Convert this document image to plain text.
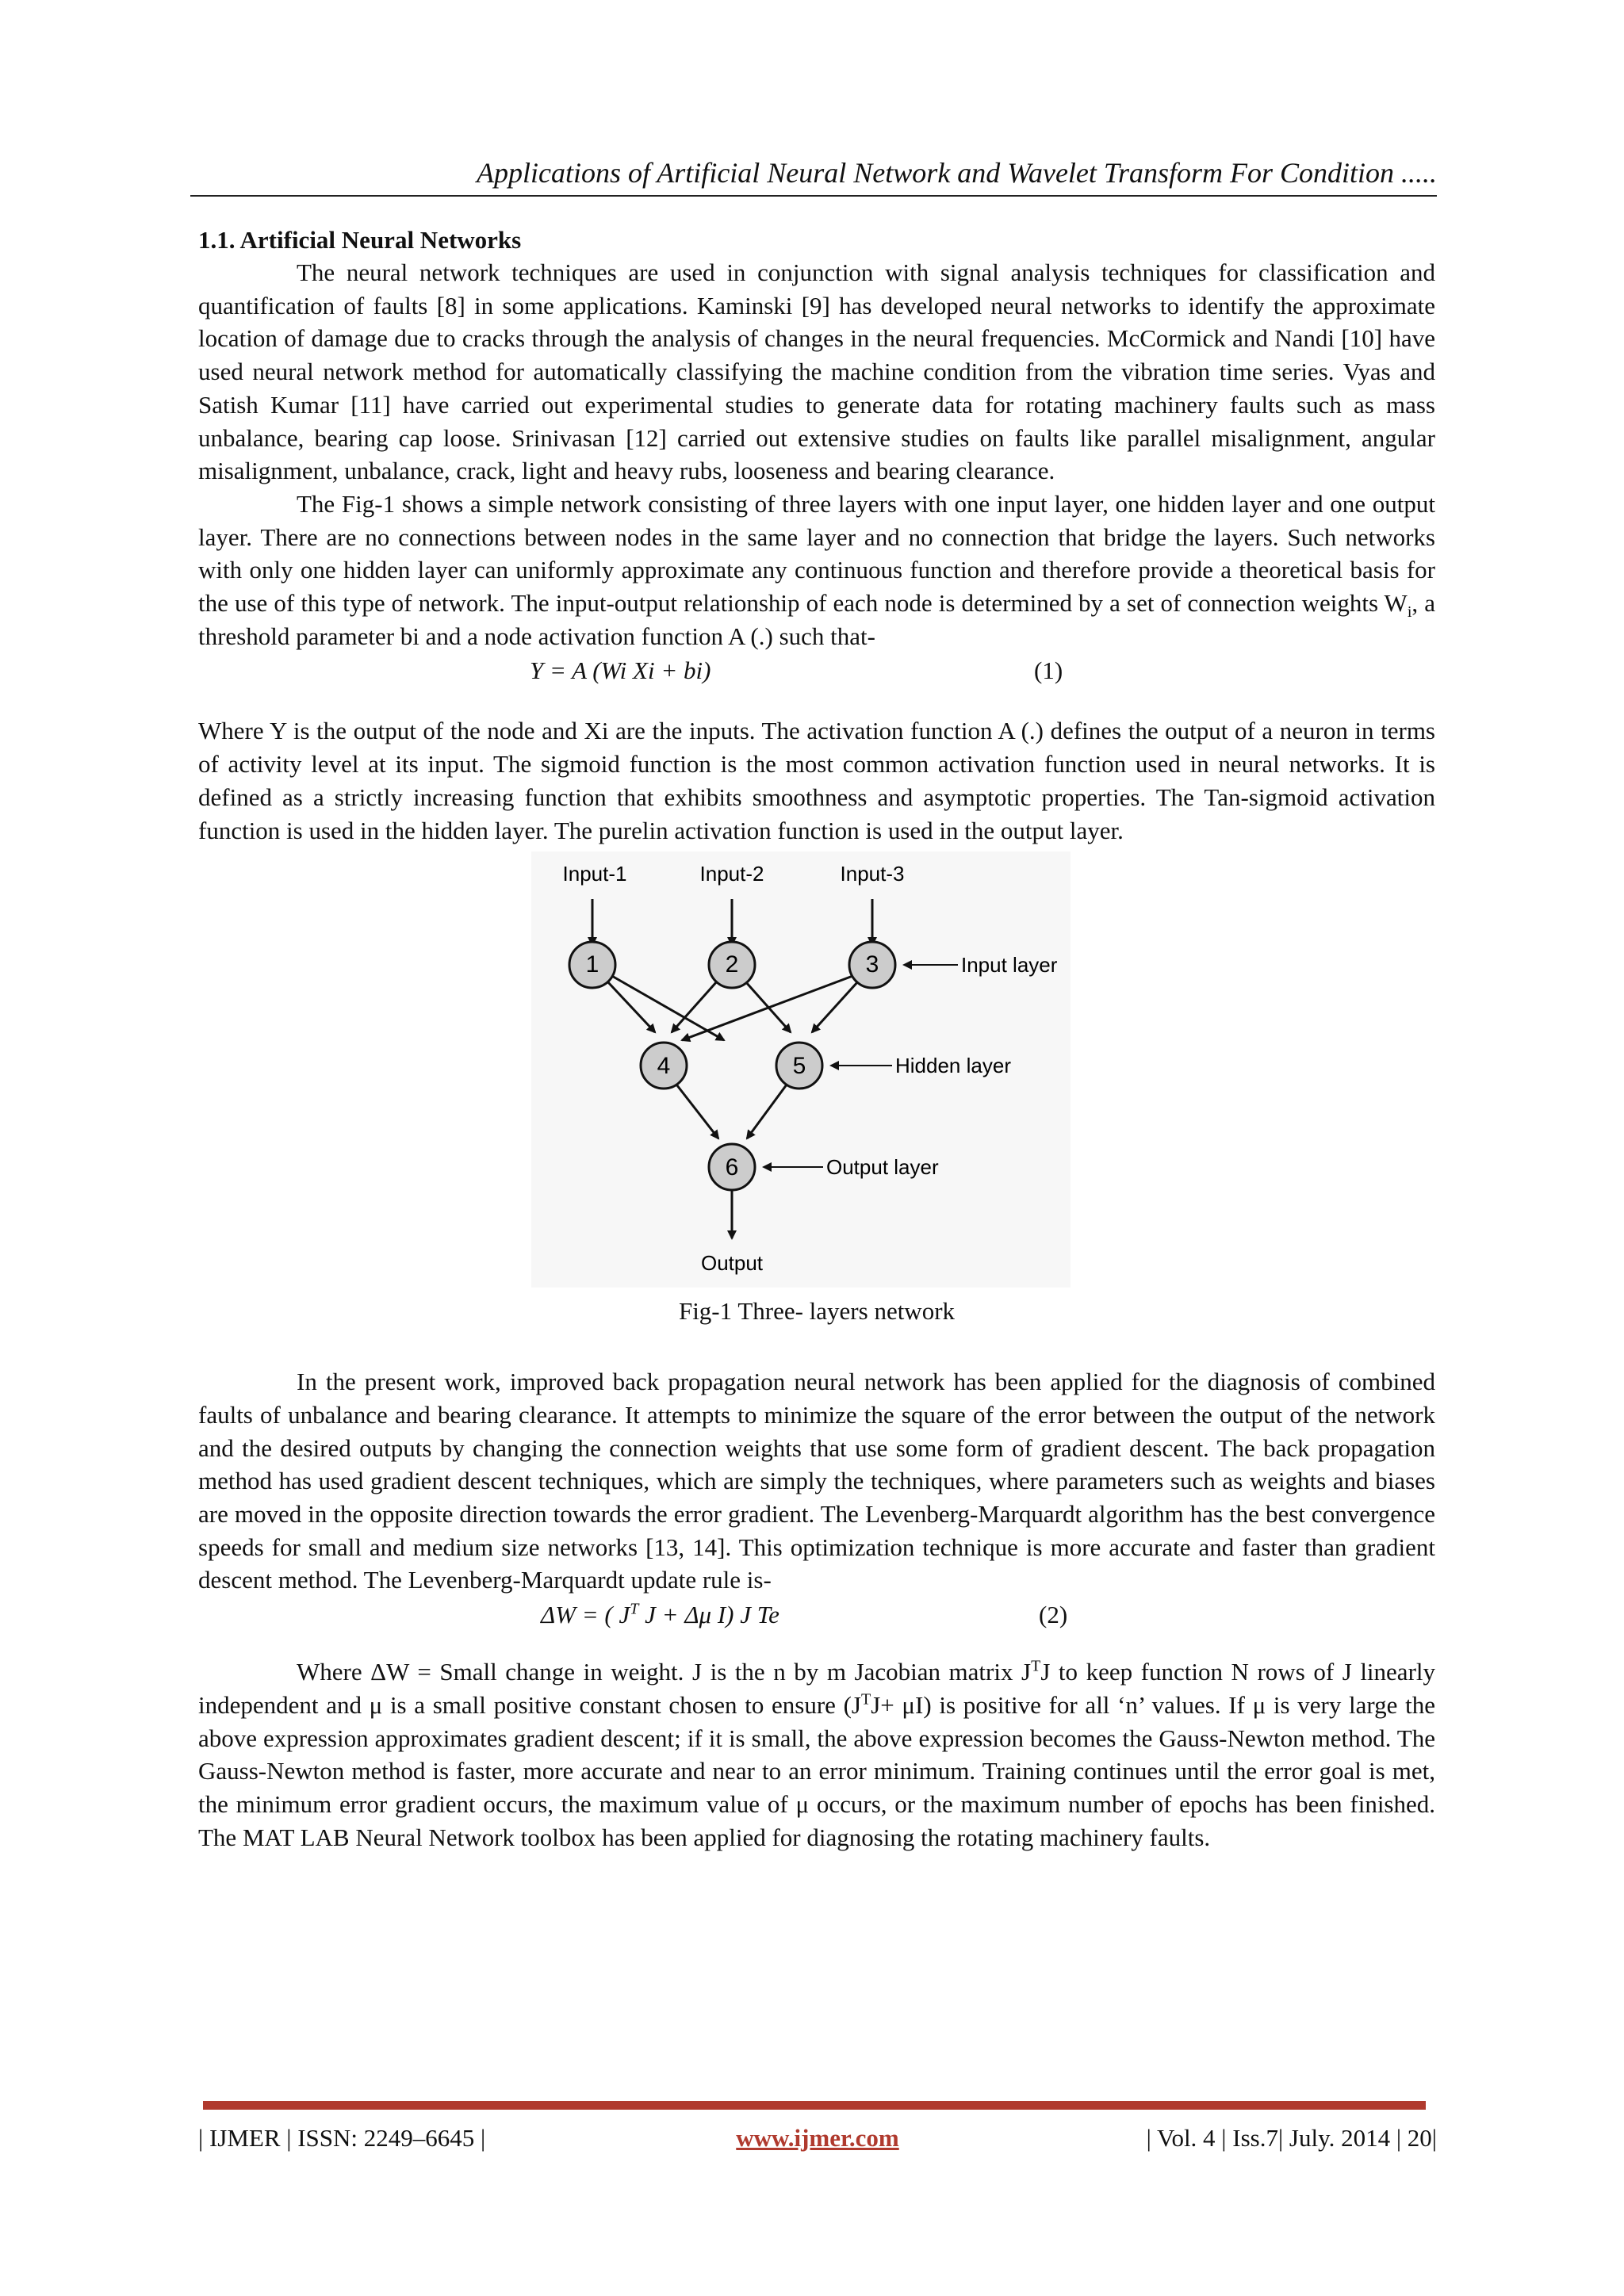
Applications of Artificial Neural Network and Wavelet Transform For Condition .....
1.1. Artificial Neural Networks

The neural network techniques are used in conjunction with signal analysis techniques for classification and quantification of faults [8] in some applications. Kaminski [9] has developed neural networks to identify the approximate location of damage due to cracks through the analysis of changes in the neural frequencies. McCormick and Nandi [10] have used neural network method for automatically classifying the machine condition from the vibration time series. Vyas and Satish Kumar [11] have carried out experimental studies to generate data for rotating machinery faults such as mass unbalance, bearing cap loose. Srinivasan [12] carried out extensive studies on faults like parallel misalignment, angular misalignment, unbalance, crack, light and heavy rubs, looseness and bearing clearance.

The Fig-1 shows a simple network consisting of three layers with one input layer, one hidden layer and one output layer. There are no connections between nodes in the same layer and no connection that bridge the layers. Such networks with only one hidden layer can uniformly approximate any continuous function and therefore provide a theoretical basis for the use of this type of network. The input-output relationship of each node is determined by a set of connection weights $W_i$, a threshold parameter bi and a node activation function A (.) such that-

Y = A (Wi Xi + bi)	(1)

Where Y is the output of the node and Xi are the inputs. The activation function A (.) defines the output of a neuron in terms of activity level at its input. The sigmoid function is the most common activation function used in neural networks. It is defined as a strictly increasing function that exhibits smoothness and asymptotic properties. The Tan-sigmoid activation function is used in the hidden layer. The purelin activation function is used in the output layer.

Input-1	Input-2	Input-3
1	2	3
4	5
6
Input layer
Hidden layer
Output layer
Output
Fig-1 Three- layers network

In the present work, improved back propagation neural network has been applied for the diagnosis of combined faults of unbalance and bearing clearance. It attempts to minimize the square of the error between the output of the network and the desired outputs by changing the connection weights that use some form of gradient descent. The back propagation method has used gradient descent techniques, which are simply the techniques, where parameters such as weights and biases are moved in the opposite direction towards the error gradient. The Levenberg-Marquardt algorithm has the best convergence speeds for small and medium size networks [13, 14]. This optimization technique is more accurate and faster than gradient descent method. The Levenberg-Marquardt update rule is-

ΔW = ( $J^T$ J + Δμ I) J Te	(2)

Where ΔW = Small change in weight. J is the n by m Jacobian matrix $J^TJ$ to keep function N rows of J linearly independent and μ is a small positive constant chosen to ensure $(J^TJ+ \mu I)$ is positive for all ‘n’ values. If μ is very large the above expression approximates gradient descent; if it is small, the above expression becomes the Gauss-Newton method. The Gauss-Newton method is faster, more accurate and near to an error minimum. Training continues until the error goal is met, the minimum error gradient occurs, the maximum value of μ occurs, or the maximum number of epochs has been finished. The MAT LAB Neural Network toolbox has been applied for diagnosing the rotating machinery faults.

| IJMER | ISSN: 2249–6645 |	www.ijmer.com	| Vol. 4 | Iss.7| July. 2014 | 20|
